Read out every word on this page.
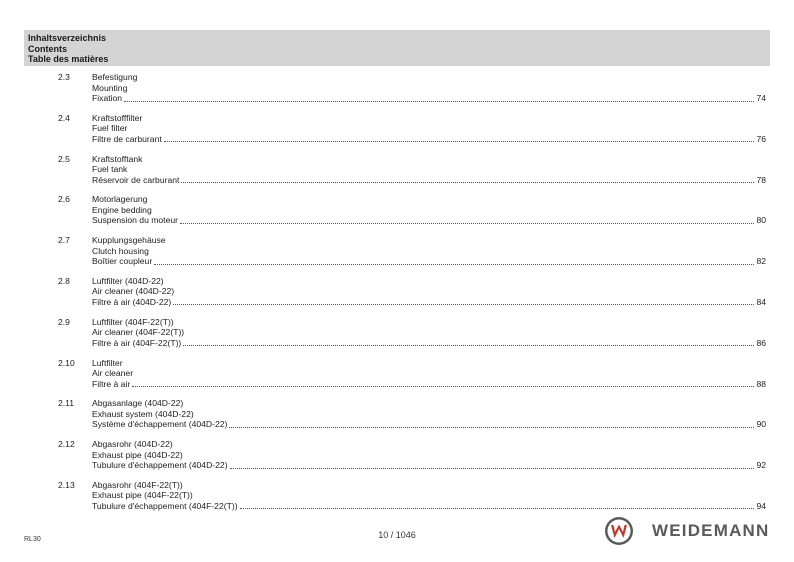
Inhaltsverzeichnis
Contents
Table des matières
2.3	Befestigung
Mounting
Fixation	74
2.4	Kraftstofffilter
Fuel filter
Filtre de carburant	76
2.5	Kraftstofftank
Fuel tank
Réservoir de carburant	78
2.6	Motorlagerung
Engine bedding
Suspension du moteur	80
2.7	Kupplungsgehäuse
Clutch housing
Boîtier coupleur	82
2.8	Luftfilter (404D-22)
Air cleaner (404D-22)
Filtre à air (404D-22)	84
2.9	Luftfilter (404F-22(T))
Air cleaner (404F-22(T))
Filtre à air (404F-22(T))	86
2.10 Luftfilter
Air cleaner
Filtre à air	88
2.11 Abgasanlage (404D-22)
Exhaust system (404D-22)
Système d'échappement (404D-22)	90
2.12 Abgasrohr (404D-22)
Exhaust pipe (404D-22)
Tubulure d'échappement (404D-22)	92
2.13 Abgasrohr (404F-22(T))
Exhaust pipe (404F-22(T))
Tubulure d'échappement (404F-22(T))	94
RL30	10 / 1046	WEIDEMANN
